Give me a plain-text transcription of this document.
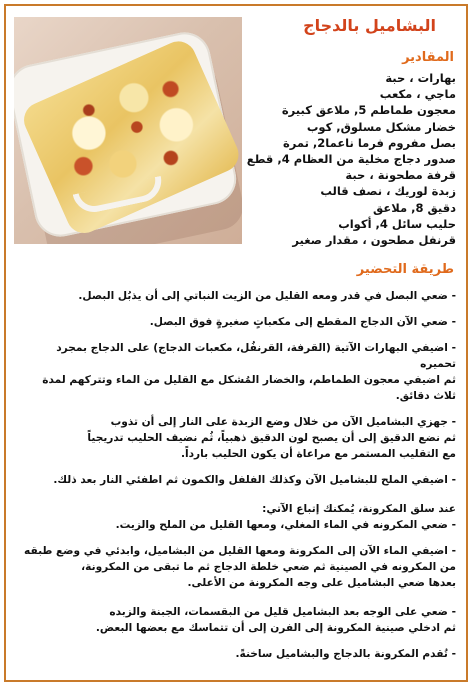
البشاميل بالدجاج
المقادير
بهارات ، حبة
ماجي ، مكعب
معجون طماطم 5, ملاعق كبيرة
خضار مشكل مسلوق, كوب
بصل مفروم فرما ناعما2, تمرة
صدور دجاج مخلية من العظام 4, قطع
قرفة مطحونة ، حبة
زبدة لوريك ، نصف قالب
دقيق 8, ملاعق
حليب سائل 4, أكواب
قرنفل مطحون ، مقدار صغير
طريقة التحضير
- ضعي البصل في قدر ومعه القليل من الزيت النباتي إلى أن يذبُل البصل.
- ضعي الآن الدجاج المقطع إلى مكعباتٍ صغيرةٍ فوق البصل.
- اضيفي البهارات الآتية (القرفة، القرنفُل، مكعبات الدجاج) على الدجاج بمجرد تحميره
ثم اضيفي معجون الطماطم، والخضار المُشكل مع القليل من الماء وتتركهم لمدة ثلاث دقائق.
- جهزي البشاميل الآن من خلال وضع الزبدة على النار إلى أن تذوب
ثم نضع الدقيق إلى أن يصبح لون الدقيق ذهبياً، ثُم نضيف الحليب تدريجياً
مع التقليب المستمر مع مراعاة أن يكون الحليب بارداً.
- اضيفي الملح للبشاميل الآن وكذلك الفلفل والكمون ثم اطفئي النار بعد ذلك.
عند سلق المكرونة، يُمكنك إتباع الآتي:
- ضعي المكرونه في الماء المغلي، ومعها القليل من الملح والزيت.
- اضيفي الماء الآن إلى المكرونة ومعها القليل من البشاميل، وابدئي في وضع طبقه
من المكرونه في الصينية ثم ضعي خلطة الدجاج ثم ما تبقى من المكرونة،
بعدها ضعي البشاميل على وجه المكرونة من الأعلى.
- ضعي على الوجه بعد البشاميل قليل من البقسمات، الجبنة والزبده
ثم ادخلي صينية المكرونة إلى الفرن إلى أن تتماسك مع بعضها البعض.
- تُقدم المكرونة بالدجاج والبشاميل ساخنةً.
